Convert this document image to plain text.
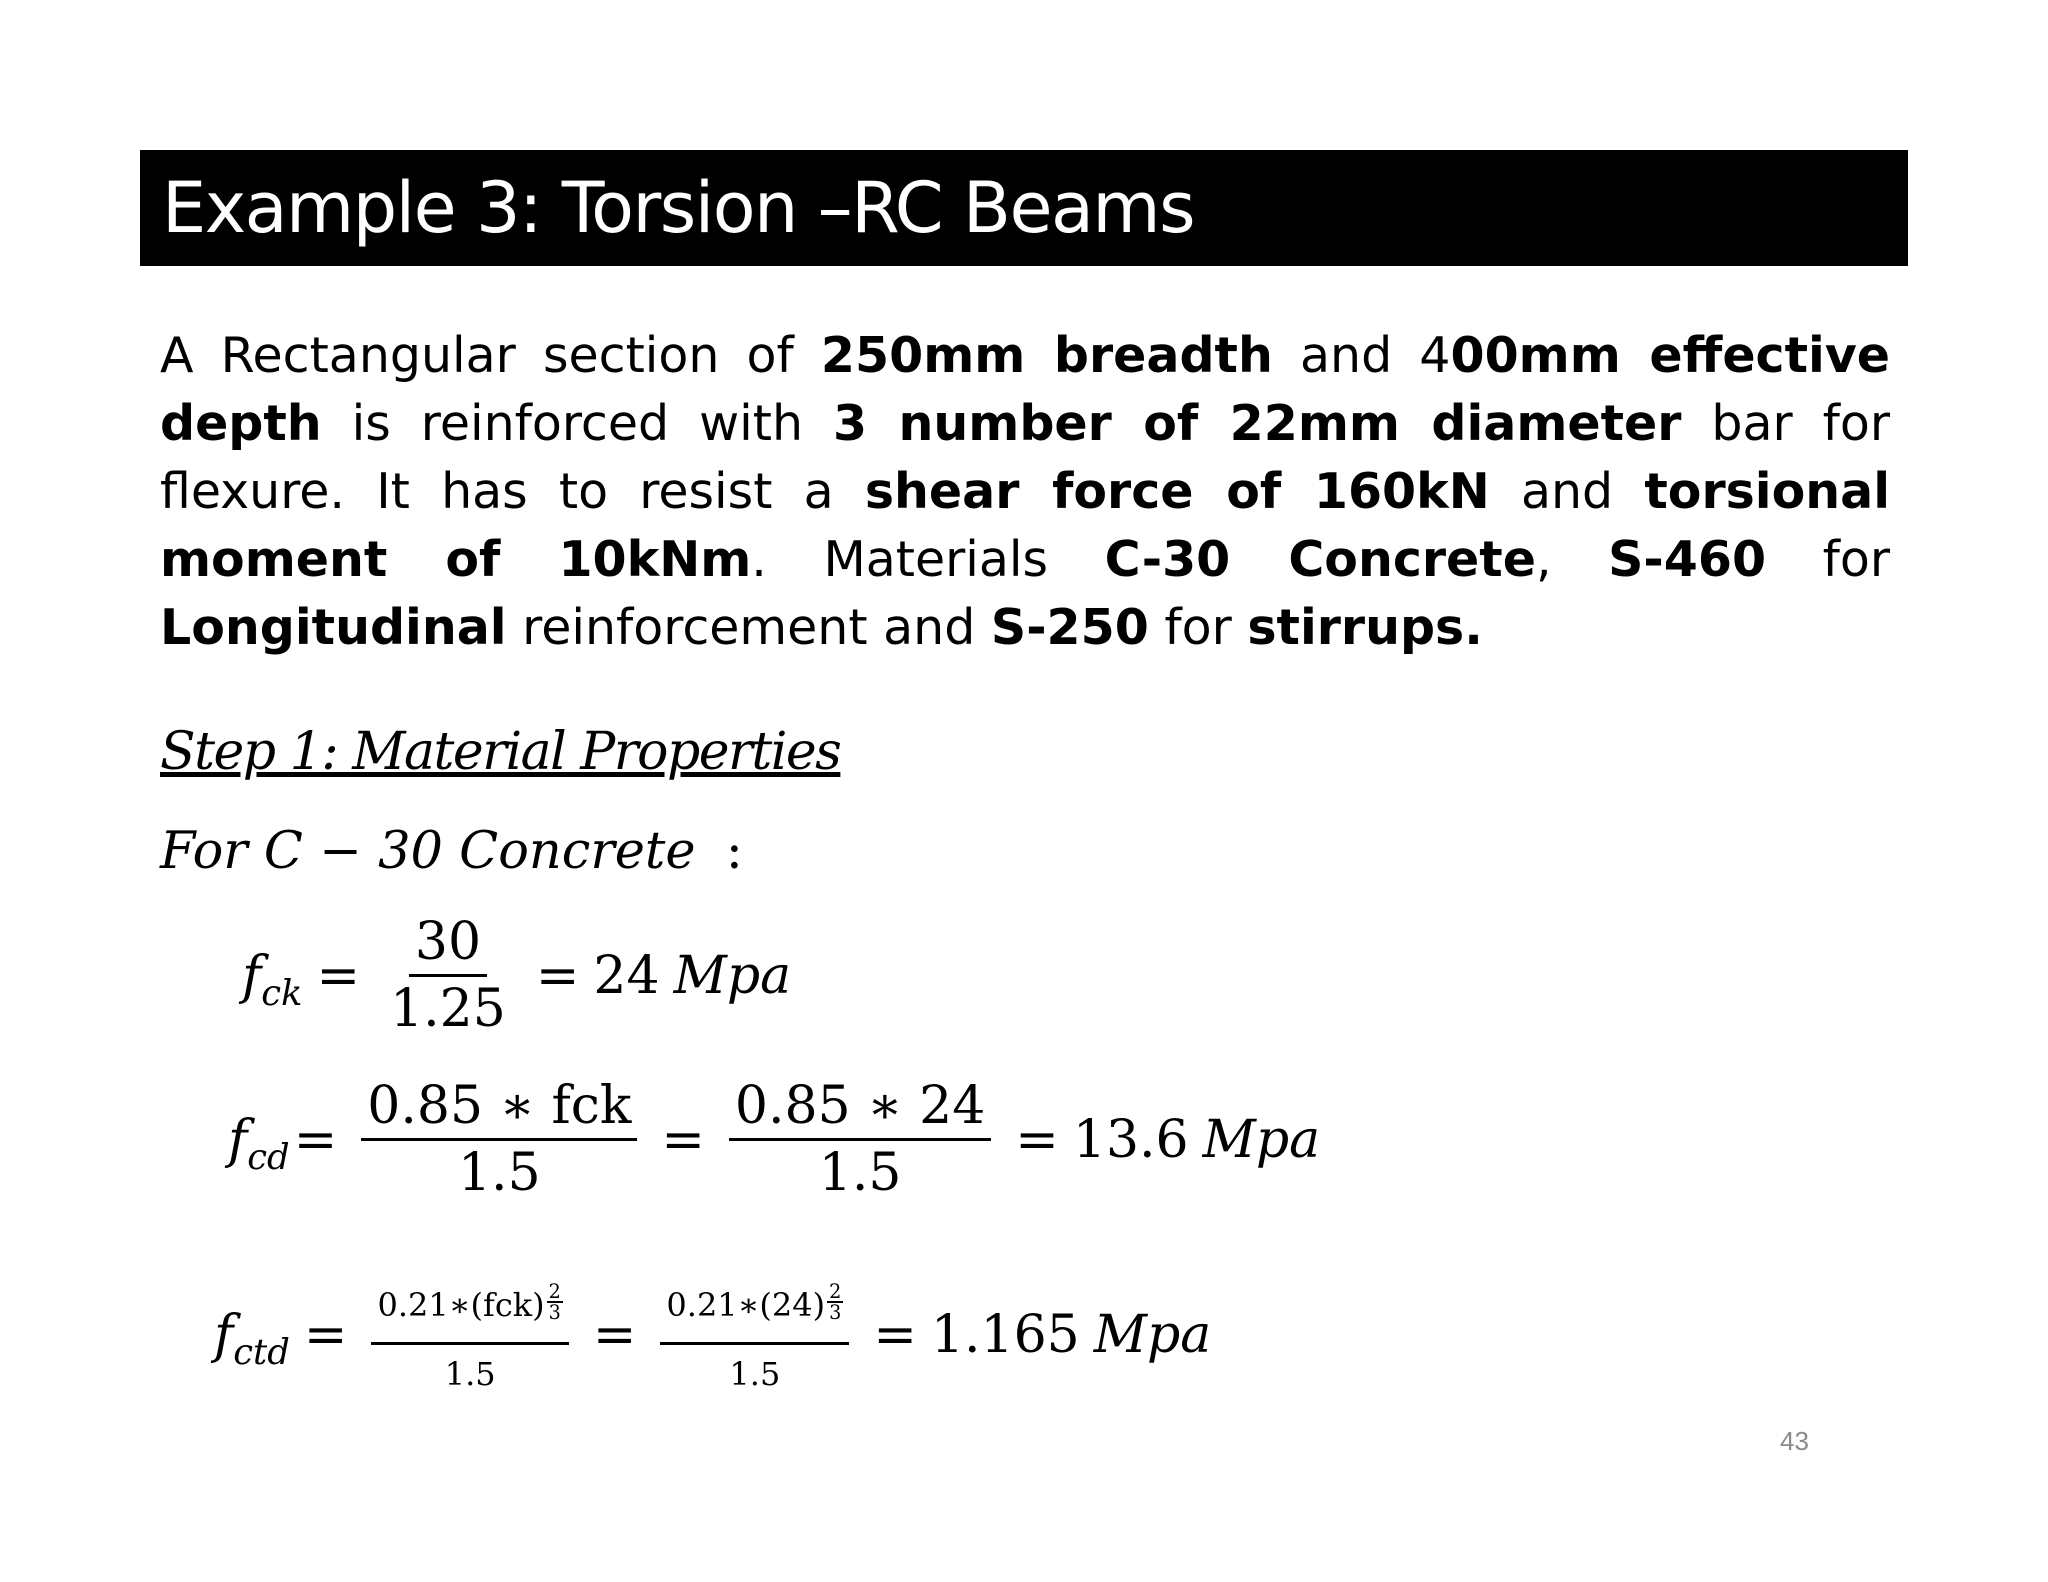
Example 3: Torsion –RC Beams
A Rectangular section of 250mm breadth and 400mm effective depth is reinforced with 3 number of 22mm diameter bar for flexure. It has to resist a shear force of 160kN and torsional moment of 10kNm. Materials C-30 Concrete, S-460 for Longitudinal reinforcement and S-250 for stirrups.
Step 1: Material Properties
For C − 30 Concrete :
$f_{ck} = \frac{30}{1.25} = 24$ Mpa
$f_{cd} = \frac{\text{0.85 ∗ fck}}{1.5} = \frac{0.85 ∗ 24}{1.5} = 13.6$ Mpa
$f_{ctd} = \frac{0.21∗(fck) \frac{2}{3}}{1.5} = \frac{0.21∗(24) \frac{2}{3}}{1.5} = 1.165$ Mpa
43
